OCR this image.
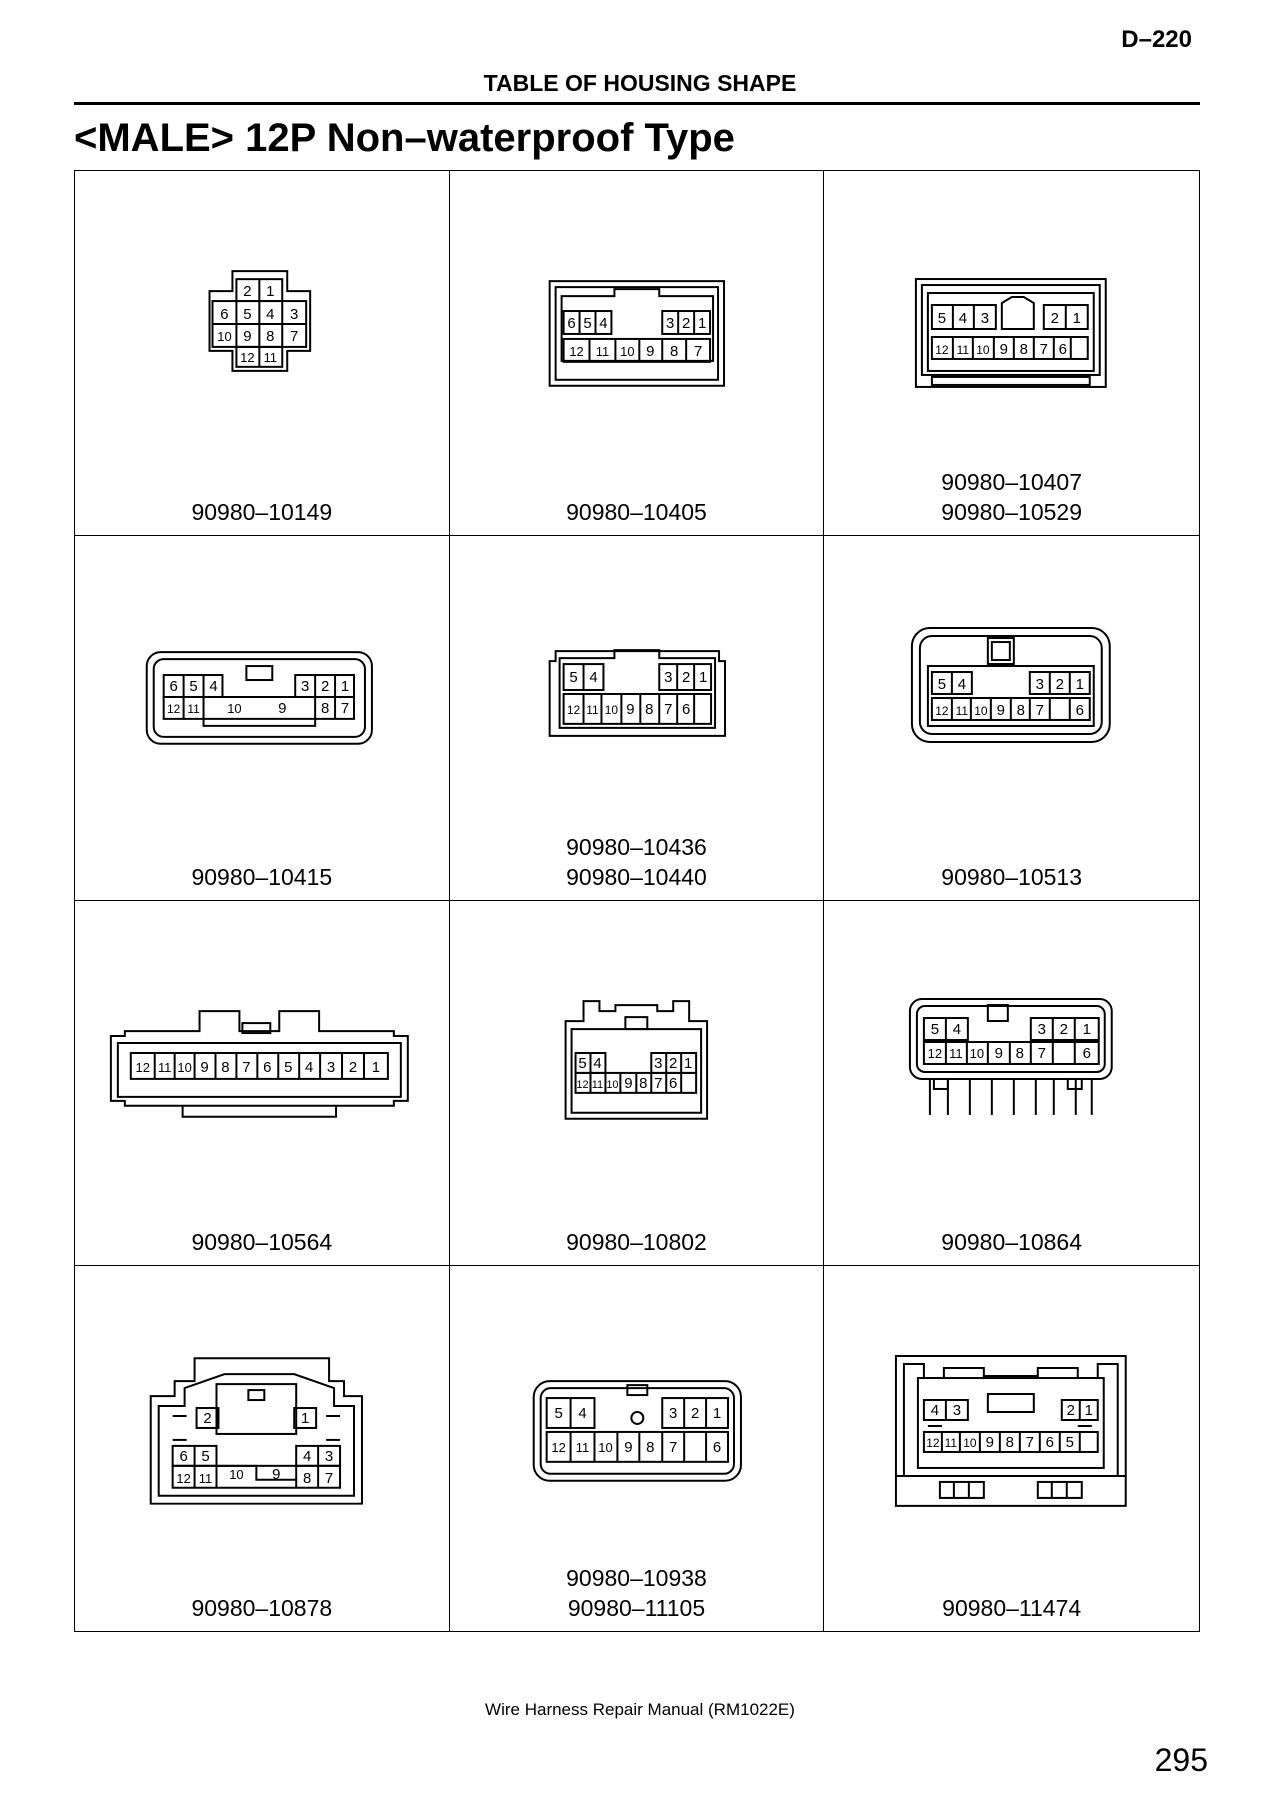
D–220
TABLE OF HOUSING SHAPE
<MALE> 12P Non–waterproof Type
2 1
6 5 4 3
10 9 8 7
12 11
90980–10149
6 5 4	3 2 1
12 11 10 9 8 7
90980–10405
5 4 3	2 1
12 11 10 9 8 7 6
90980–10407
90980–10529
6 5 4	3 2 1
12 11 10 9 8 7
90980–10415
5 4	3 2 1
12 11 10 9 8 7 6
90980–10436
90980–10440
5 4	3 2 1
12 11 10 9 8 7 6
90980–10513
12 11 10 9 8 7 6 5 4 3 2 1
90980–10564
5 4	3 2 1
12 11 10 9 8 7 6
90980–10802
5 4	3 2 1
12 11 10 9 8 7 6
90980–10864
2	1
6 5	4 3
12 11 10 9 8 7
90980–10878
5 4	3 2 1
12 11 10 9 8 7 6
90980–10938
90980–11105
4 3	2 1
12 11 10 9 8 7 6 5
90980–11474
Wire Harness Repair Manual (RM1022E)
295
